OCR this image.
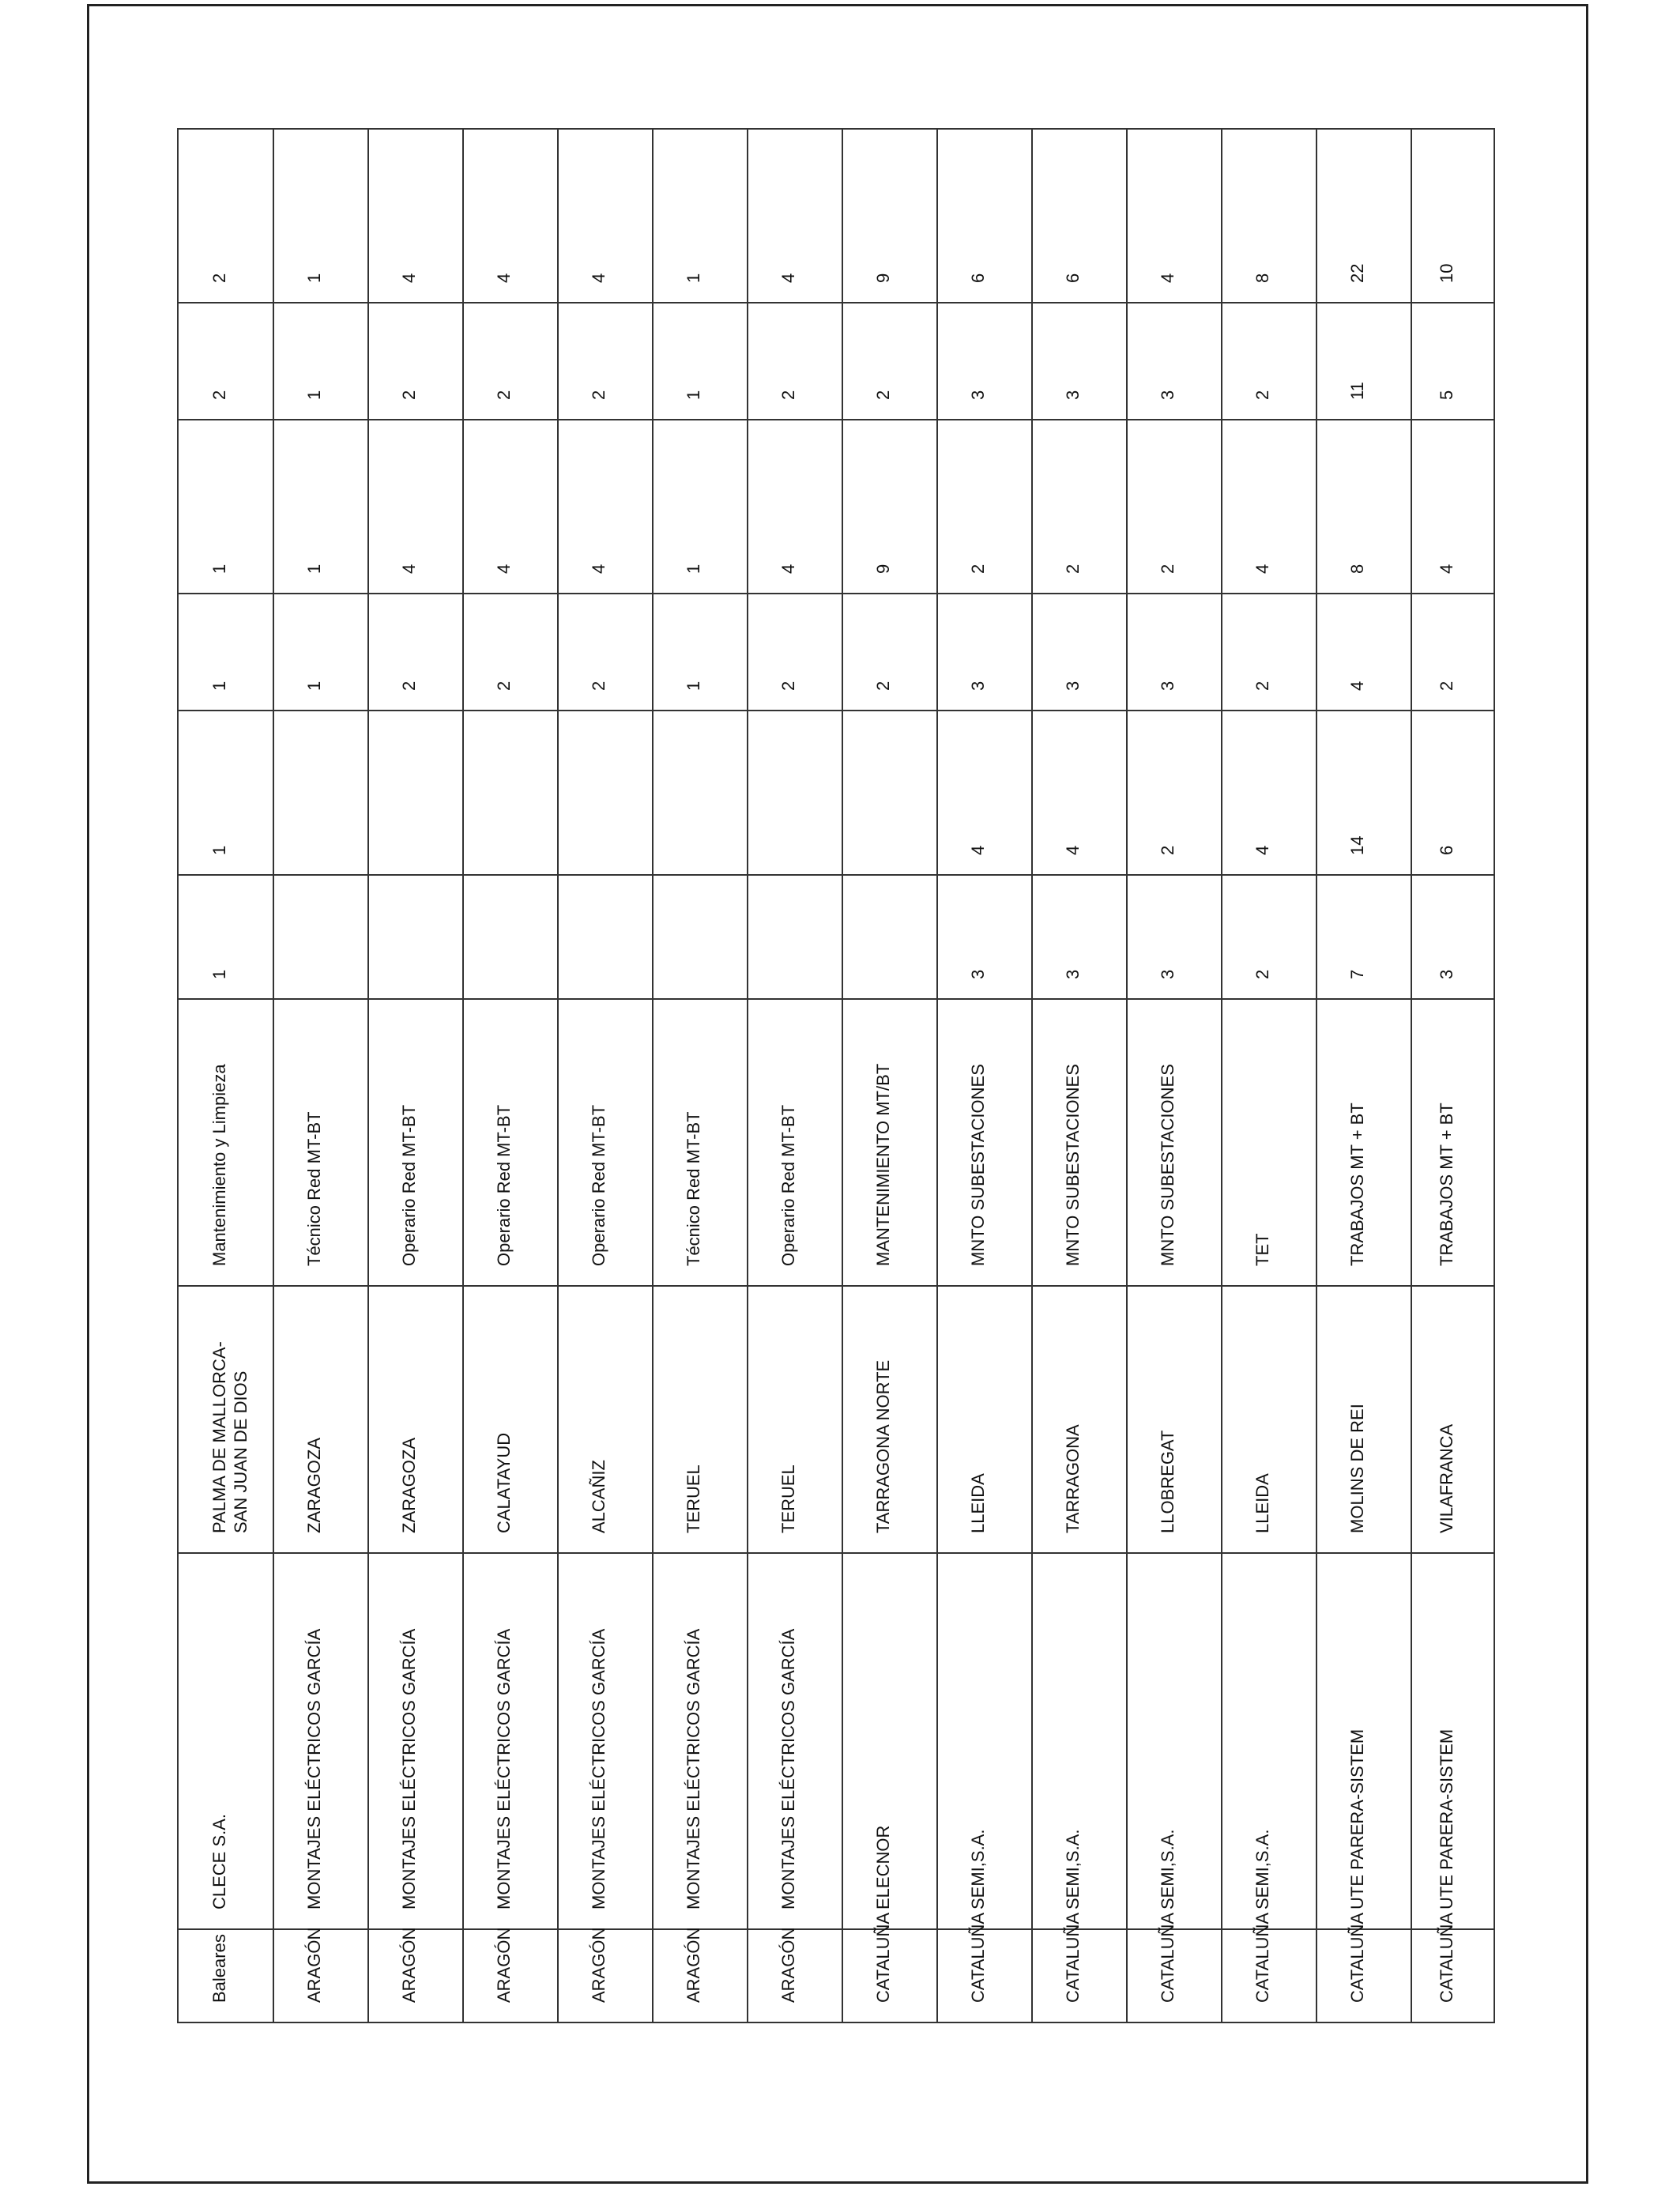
2
2
1
1
1
1
Mantenimiento y Limpieza
PALMA DE MALLORCA- SAN JUAN DE DIOS
CLECE S.A.
Baleares
1
1
1
1
Técnico Red MT-BT
ZARAGOZA
MONTAJES ELÉCTRICOS GARCÍA
ARAGÓN
4
2
4
2
Operario Red MT-BT
ZARAGOZA
MONTAJES ELÉCTRICOS GARCÍA
ARAGÓN
4
2
4
2
Operario Red MT-BT
CALATAYUD
MONTAJES ELÉCTRICOS GARCÍA
ARAGÓN
4
2
4
2
Operario Red MT-BT
ALCAÑIZ
MONTAJES ELÉCTRICOS GARCÍA
ARAGÓN
1
1
1
1
Técnico Red MT-BT
TERUEL
MONTAJES ELÉCTRICOS GARCÍA
ARAGÓN
4
2
4
2
Operario Red MT-BT
TERUEL
MONTAJES ELÉCTRICOS GARCÍA
ARAGÓN
9
2
9
2
MANTENIMIENTO MT/BT
TARRAGONA NORTE
ELECNOR
CATALUÑA
6
3
2
3
4
3
MNTO SUBESTACIONES
LLEIDA
SEMI,S.A.
CATALUÑA
6
3
2
3
4
3
MNTO SUBESTACIONES
TARRAGONA
SEMI,S.A.
CATALUÑA
4
3
2
3
2
3
MNTO SUBESTACIONES
LLOBREGAT
SEMI,S.A.
CATALUÑA
8
2
4
2
4
2
TET
LLEIDA
SEMI,S.A.
CATALUÑA
22
11
8
4
14
7
TRABAJOS MT + BT
MOLINS DE REI
UTE PARERA-SISTEM
CATALUÑA
10
5
4
2
6
3
TRABAJOS MT + BT
VILAFRANCA
UTE PARERA-SISTEM
CATALUÑA
